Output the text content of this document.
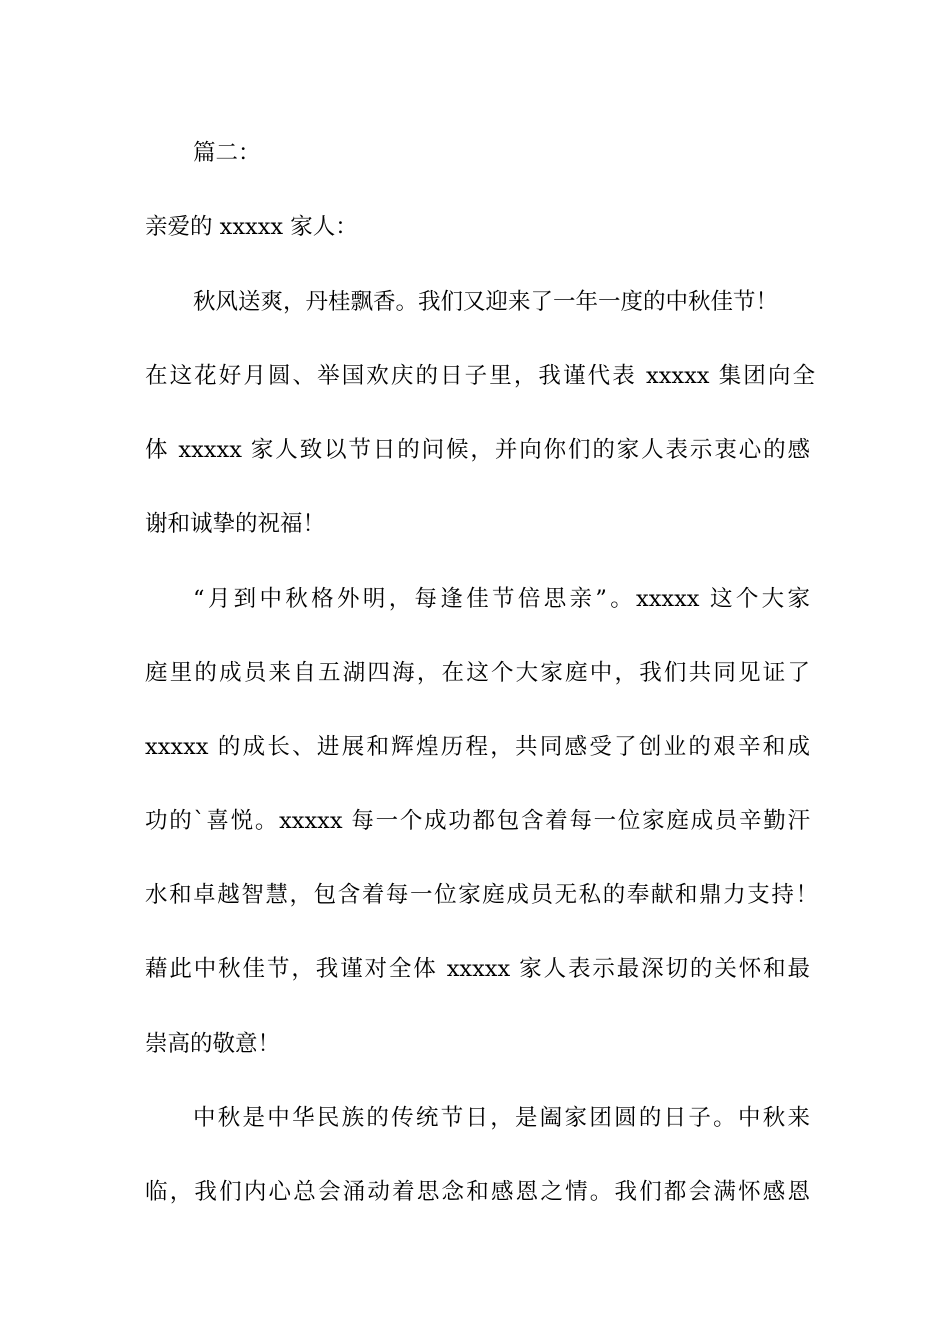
篇二：
亲爱的 xxxxx 家人：
秋风送爽，丹桂飘香。我们又迎来了一年一度的中秋佳节！
在这花好月圆、举国欢庆的日子里，我谨代表 xxxxx 集团向全
体 xxxxx 家人致以节日的问候，并向你们的家人表示衷心的感
谢和诚挚的祝福！
“月到中秋格外明，每逢佳节倍思亲”。xxxxx 这个大家
庭里的成员来自五湖四海，在这个大家庭中，我们共同见证了
xxxxx 的成长、进展和辉煌历程，共同感受了创业的艰辛和成
功的`喜悦。xxxxx 每一个成功都包含着每一位家庭成员辛勤汗
水和卓越智慧，包含着每一位家庭成员无私的奉献和鼎力支持！
藉此中秋佳节，我谨对全体 xxxxx 家人表示最深切的关怀和最
崇高的敬意！
中秋是中华民族的传统节日，是阖家团圆的日子。中秋来
临，我们内心总会涌动着思念和感恩之情。我们都会满怀感恩
